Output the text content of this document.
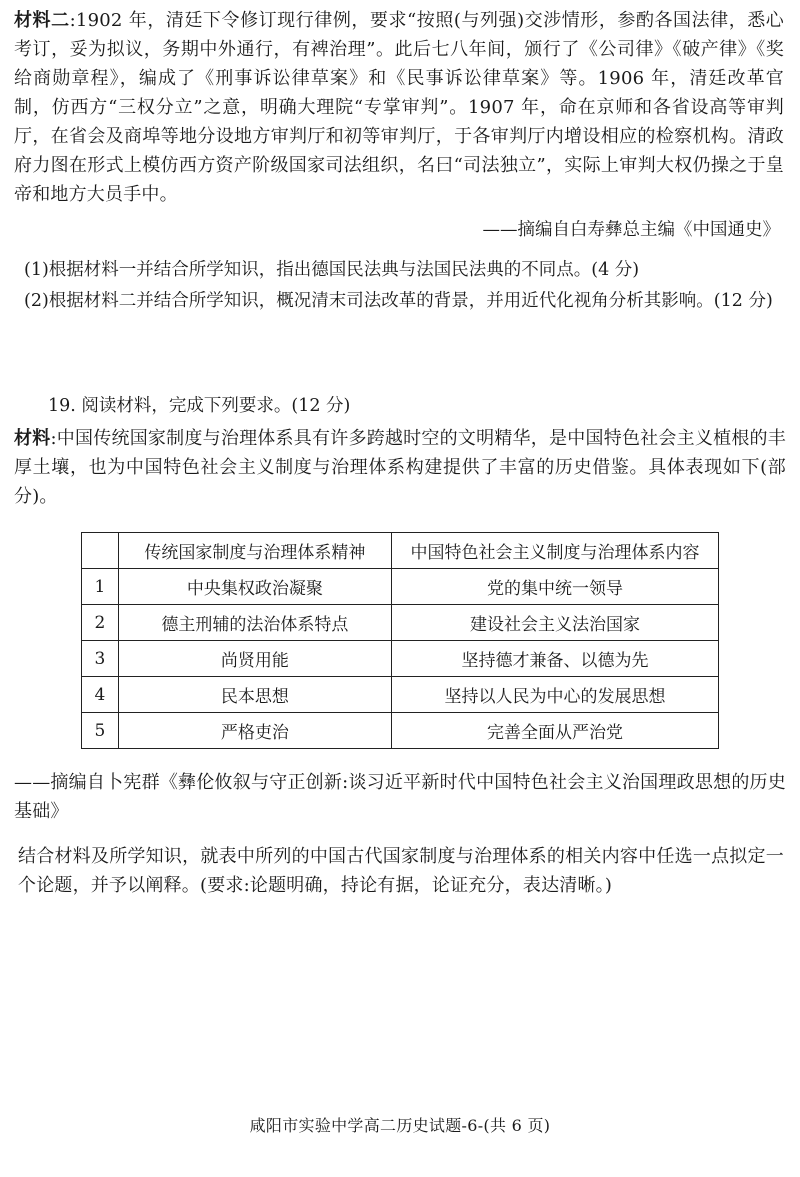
材料二:1902 年，清廷下令修订现行律例，要求“按照(与列强)交涉情形，参酌各国法律，悉心考订，妥为拟议，务期中外通行，有裨治理”。此后七八年间，颁行了《公司律》《破产律》《奖给商勋章程》，编成了《刑事诉讼律草案》和《民事诉讼律草案》等。1906 年，清廷改革官制，仿西方“三权分立”之意，明确大理院“专掌审判”。1907 年，命在京师和各省设高等审判厅，在省会及商埠等地分设地方审判厅和初等审判厅，于各审判厅内增设相应的检察机构。清政府力图在形式上模仿西方资产阶级国家司法组织，名曰“司法独立”，实际上审判大权仍操之于皇帝和地方大员手中。
——摘编自白寿彝总主编《中国通史》
(1)根据材料一并结合所学知识，指出德国民法典与法国民法典的不同点。(4 分)
(2)根据材料二并结合所学知识，概况清末司法改革的背景，并用近代化视角分析其影响。(12 分)
19. 阅读材料，完成下列要求。(12 分)
材料:中国传统国家制度与治理体系具有许多跨越时空的文明精华，是中国特色社会主义植根的丰厚土壤，也为中国特色社会主义制度与治理体系构建提供了丰富的历史借鉴。具体表现如下(部分)。
	传统国家制度与治理体系精神	中国特色社会主义制度与治理体系内容
1	中央集权政治凝聚	党的集中统一领导
2	德主刑辅的法治体系特点	建设社会主义法治国家
3	尚贤用能	坚持德才兼备、以德为先
4	民本思想	坚持以人民为中心的发展思想
5	严格吏治	完善全面从严治党
——摘编自卜宪群《彝伦攸叙与守正创新:谈习近平新时代中国特色社会主义治国理政思想的历史基础》
结合材料及所学知识，就表中所列的中国古代国家制度与治理体系的相关内容中任选一点拟定一个论题，并予以阐释。(要求:论题明确，持论有据，论证充分，表达清晰。)
咸阳市实验中学高二历史试题-6-(共 6 页)
